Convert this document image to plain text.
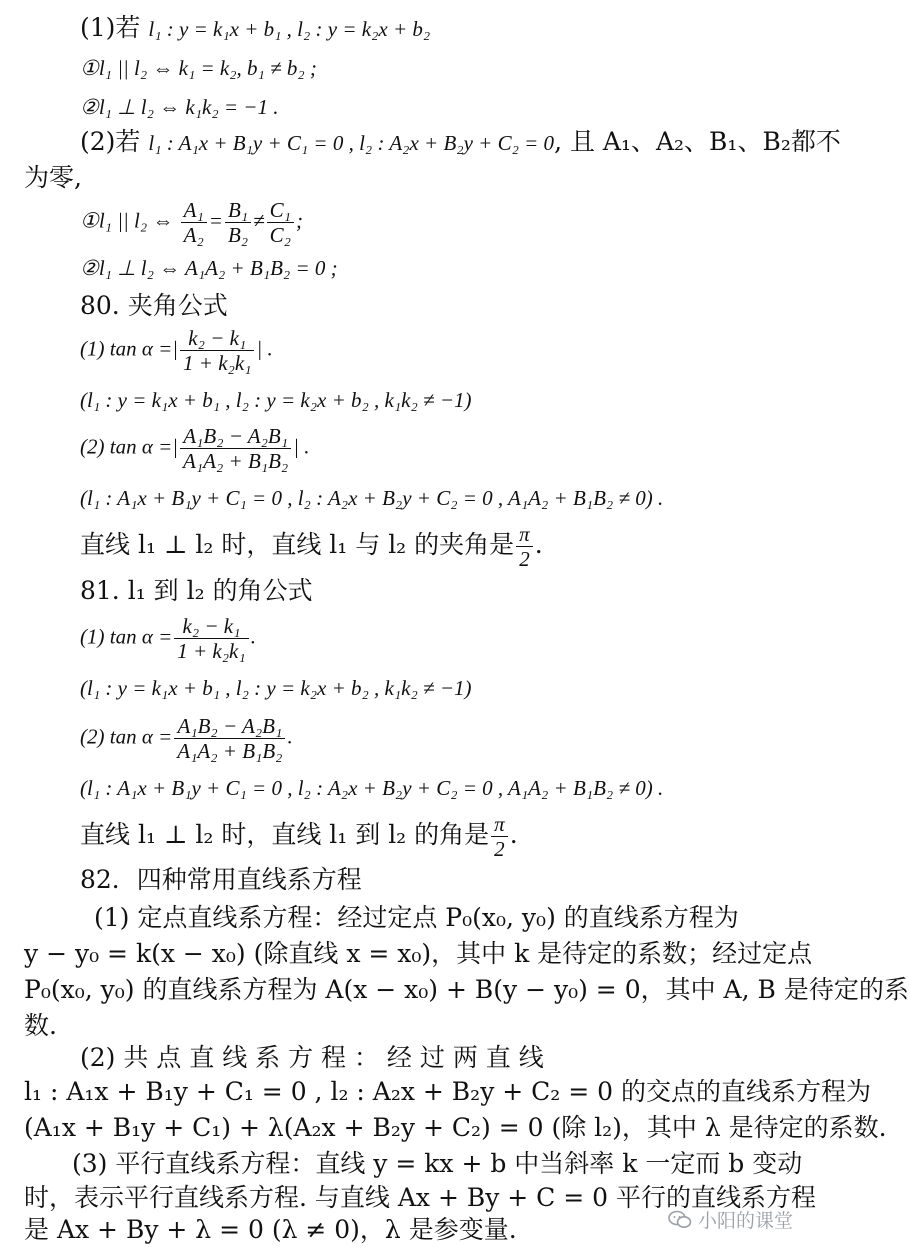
(1)若 l₁ : y = k₁x + b₁ , l₂ : y = k₂x + b₂
①l₁ || l₂ ⇔ k₁ = k₂, b₁ ≠ b₂ ;
②l₁ ⊥ l₂ ⇔ k₁k₂ = −1 .
(2)若 l₁ : A₁x + B₁y + C₁ = 0 , l₂ : A₂x + B₂y + C₂ = 0, 且 A₁、A₂、B₁、B₂都不
为零,
①l₁ || l₂ ⇔ $\frac{\text{A₁}}{\text{A₂}} = \frac{\text{B₁}}{\text{B₂}} \ne \frac{\text{C₁}}{\text{C₂}}$ ;
②l₁ ⊥ l₂ ⇔ A₁A₂ + B₁B₂ = 0 ;
80. 夹角公式
(1) tan α =| $\frac{\text{k₂ − k₁}}{\text{1 + k₂k₁}}$ | .
(l₁ : y = k₁x + b₁ , l₂ : y = k₂x + b₂ , k₁k₂ ≠ −1)
(2) tan α =| $\frac{\text{A₁B₂ − A₂B₁}}{\text{A₁A₂ + B₁B₂}}$ | .
(l₁ : A₁x + B₁y + C₁ = 0 , l₂ : A₂x + B₂y + C₂ = 0 , A₁A₂ + B₁B₂ ≠ 0) .
直线 l₁ ⊥ l₂ 时，直线 l₁ 与 l₂ 的夹角是 $\frac{\pi}{2}$ .
81. l₁ 到 l₂ 的角公式
(1) $\tan \alpha = \frac{\text{k₂ − k₁}}{\text{1 + k₂k₁}}$ .
(l₁ : y = k₁x + b₁ , l₂ : y = k₂x + b₂ , k₁k₂ ≠ −1)
(2) $\tan \alpha = \frac{\text{A₁B₂ − A₂B₁}}{\text{A₁A₂ + B₁B₂}}$ .
(l₁ : A₁x + B₁y + C₁ = 0 , l₂ : A₂x + B₂y + C₂ = 0 , A₁A₂ + B₁B₂ ≠ 0) .
直线 l₁ ⊥ l₂ 时，直线 l₁ 到 l₂ 的角是 $\frac{\pi}{2}$ .
82．四种常用直线系方程
(1) 定点直线系方程：经过定点 P₀(x₀, y₀) 的直线系方程为
y − y₀ = k(x − x₀) (除直线 x = x₀)，其中 k 是待定的系数；经过定点
P₀(x₀, y₀) 的直线系方程为 A(x − x₀) + B(y − y₀) = 0，其中 A, B 是待定的系
数.
(2) 共 点 直 线 系 方 程 ： 经 过 两 直 线
l₁ : A₁x + B₁y + C₁ = 0 , l₂ : A₂x + B₂y + C₂ = 0 的交点的直线系方程为
(A₁x + B₁y + C₁) + λ(A₂x + B₂y + C₂) = 0 (除 l₂)，其中 λ 是待定的系数.
(3) 平行直线系方程：直线 y = kx + b 中当斜率 k 一定而 b 变动
时，表示平行直线系方程. 与直线 Ax + By + C = 0 平行的直线系方程
是 Ax + By + λ = 0 (λ ≠ 0)，λ 是参变量.	小阳的课堂
